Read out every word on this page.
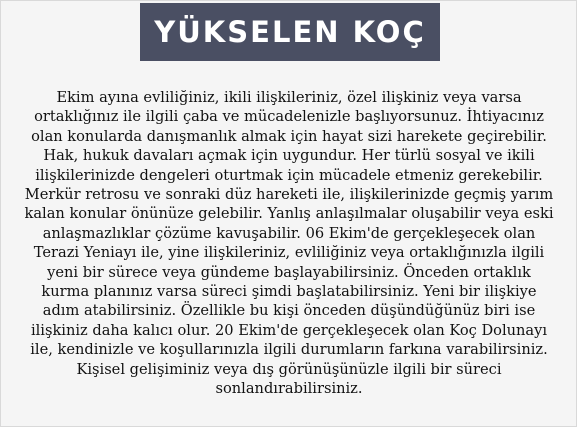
YÜKSELEN KOÇ

Ekim ayına evliliğiniz, ikili ilişkileriniz, özel ilişkiniz veya varsa ortaklığınız ile ilgili çaba ve mücadelenizle başlıyorsunuz. İhtiyacınız olan konularda danışmanlık almak için hayat sizi harekete geçirebilir. Hak, hukuk davaları açmak için uygundur. Her türlü sosyal ve ikili ilişkilerinizde dengeleri oturtmak için mücadele etmeniz gerekebilir. Merkür retrosu ve sonraki düz hareketi ile, ilişkilerinizde geçmiş yarım kalan konular önünüze gelebilir. Yanlış anlaşılmalar oluşabilir veya eski anlaşmazlıklar çözüme kavuşabilir. 06 Ekim'de gerçekleşecek olan Terazi Yeniayı ile, yine ilişkileriniz, evliliğiniz veya ortaklığınızla ilgili yeni bir sürece veya gündeme başlayabilirsiniz. Önceden ortaklık kurma planınız varsa süreci şimdi başlatabilirsiniz. Yeni bir ilişkiye adım atabilirsiniz. Özellikle bu kişi önceden düşündüğünüz biri ise ilişkiniz daha kalıcı olur. 20 Ekim'de gerçekleşecek olan Koç Dolunayı ile, kendinizle ve koşullarınızla ilgili durumların farkına varabilirsiniz. Kişisel gelişiminiz veya dış görünüşünüzle ilgili bir süreci sonlandırabilirsiniz.
